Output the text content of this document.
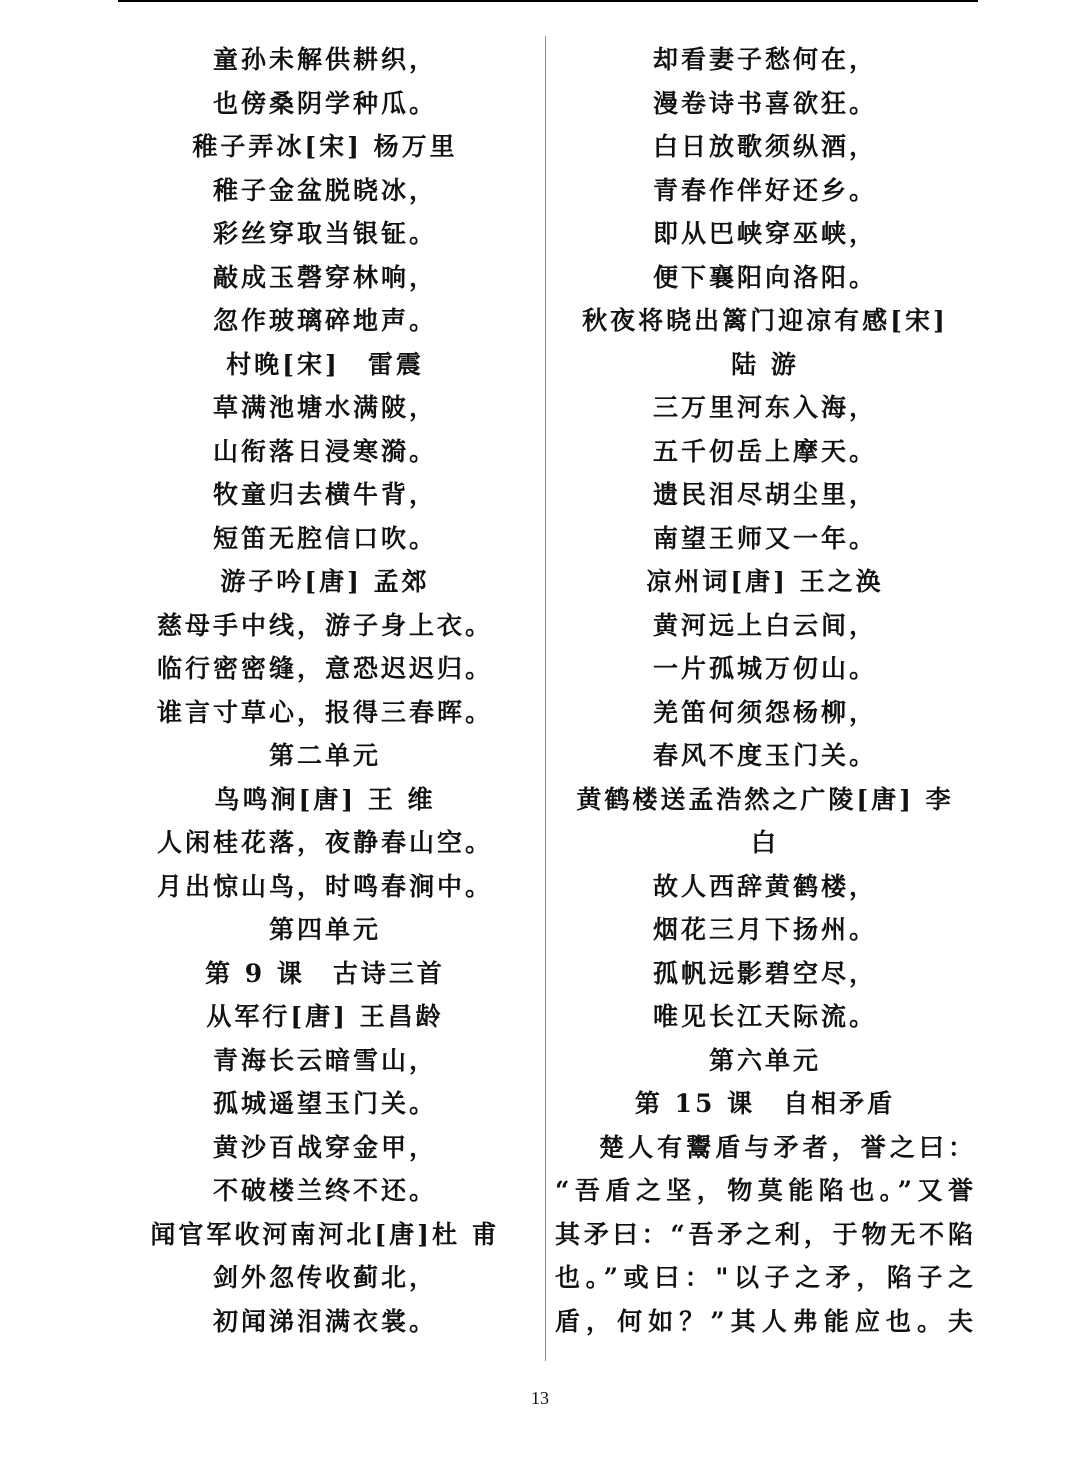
童孙未解供耕织，
也傍桑阴学种瓜。
稚子弄冰[宋] 杨万里
稚子金盆脱晓冰，
彩丝穿取当银钲。
敲成玉磬穿林响，
忽作玻璃碎地声。
村晚[宋]　雷震
草满池塘水满陂，
山衔落日浸寒漪。
牧童归去横牛背，
短笛无腔信口吹。
游子吟[唐] 孟郊
慈母手中线，游子身上衣。
临行密密缝，意恐迟迟归。
谁言寸草心，报得三春晖。
第二单元
鸟鸣涧[唐] 王 维
人闲桂花落，夜静春山空。
月出惊山鸟，时鸣春涧中。
第四单元
第 9 课　古诗三首
从军行[唐] 王昌龄
青海长云暗雪山，
孤城遥望玉门关。
黄沙百战穿金甲，
不破楼兰终不还。
闻官军收河南河北[唐]杜 甫
剑外忽传收蓟北，
初闻涕泪满衣裳。
却看妻子愁何在，
漫卷诗书喜欲狂。
白日放歌须纵酒，
青春作伴好还乡。
即从巴峡穿巫峡，
便下襄阳向洛阳。
秋夜将晓出篱门迎凉有感[宋]
陆 游
三万里河东入海，
五千仞岳上摩天。
遗民泪尽胡尘里，
南望王师又一年。
凉州词[唐] 王之涣
黄河远上白云间，
一片孤城万仞山。
羌笛何须怨杨柳，
春风不度玉门关。
黄鹤楼送孟浩然之广陵[唐] 李
白
故人西辞黄鹤楼，
烟花三月下扬州。
孤帆远影碧空尽，
唯见长江天际流。
第六单元
第 15 课　自相矛盾
楚人有鬻盾与矛者，誉之曰：
“吾盾之坚，物莫能陷也。”又誉
其矛曰：“吾矛之利，于物无不陷
也。”或曰："以子之矛，陷子之
盾，何如？”其人弗能应也。夫
13
